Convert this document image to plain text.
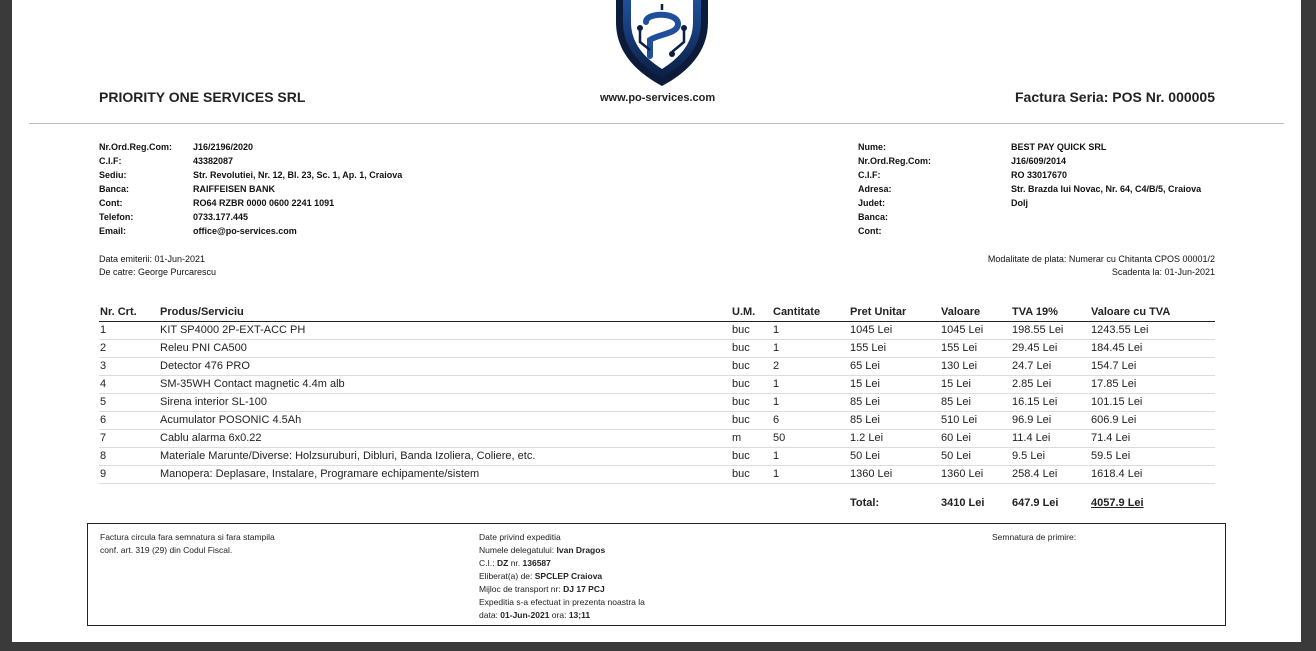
PRIORITY ONE SERVICES SRL	www.po-services.com	Factura Seria: POS Nr. 000005
Nr.Ord.Reg.Com: J16/2196/2020
C.I.F:	43382087
Sediu:	Str. Revolutiei, Nr. 12, Bl. 23, Sc. 1, Ap. 1, Craiova
Banca:	RAIFFEISEN BANK
Cont:	RO64 RZBR 0000 0600 2241 1091
Telefon:	0733.177.445
Email:	office@po-services.com
Nume:	BEST PAY QUICK SRL
Nr.Ord.Reg.Com:	J16/609/2014
C.I.F:	RO 33017670
Adresa:	Str. Brazda lui Novac, Nr. 64, C4/B/5, Craiova
Judet:	Dolj
Banca:
Cont:
Data emiterii: 01-Jun-2021
De catre: George Purcarescu
Modalitate de plata: Numerar cu Chitanta CPOS 00001/2
Scadenta la: 01-Jun-2021
Nr. Crt. Produs/Serviciu	U.M. Cantitate	Pret Unitar	Valoare	TVA 19%	Valoare cu TVA
1	KIT SP4000 2P-EXT-ACC PH	buc 1	1045 Lei	1045 Lei	198.55 Lei	1243.55 Lei
2	Releu PNI CA500	buc 1	155 Lei	155 Lei	29.45 Lei	184.45 Lei
3	Detector 476 PRO	buc 2	65 Lei	130 Lei	24.7 Lei	154.7 Lei
4	SM-35WH Contact magnetic 4.4m alb	buc 1	15 Lei	15 Lei	2.85 Lei	17.85 Lei
5	Sirena interior SL-100	buc 1	85 Lei	85 Lei	16.15 Lei	101.15 Lei
6	Acumulator POSONIC 4.5Ah	buc 6	85 Lei	510 Lei	96.9 Lei	606.9 Lei
7	Cablu alarma 6x0.22	m	50	1.2 Lei	60 Lei	11.4 Lei	71.4 Lei
8	Materiale Marunte/Diverse: Holzsuruburi, Dibluri, Banda Izoliera, Coliere, etc.	buc 1	50 Lei	50 Lei	9.5 Lei	59.5 Lei
9	Manopera: Deplasare, Instalare, Programare echipamente/sistem	buc 1	1360 Lei	1360 Lei	258.4 Lei	1618.4 Lei
Total:	3410 Lei	647.9 Lei	4057.9 Lei
Factura circula fara semnatura si fara stampila
conf. art. 319 (29) din Codul Fiscal.
Date privind expeditia
Numele delegatului: Ivan Dragos
C.I.: DZ nr. 136587
Eliberat(a) de: SPCLEP Craiova
Mijloc de transport nr: DJ 17 PCJ
Expeditia s-a efectuat in prezenta noastra la
data: 01-Jun-2021 ora: 13;11
Semnatura de primire:
